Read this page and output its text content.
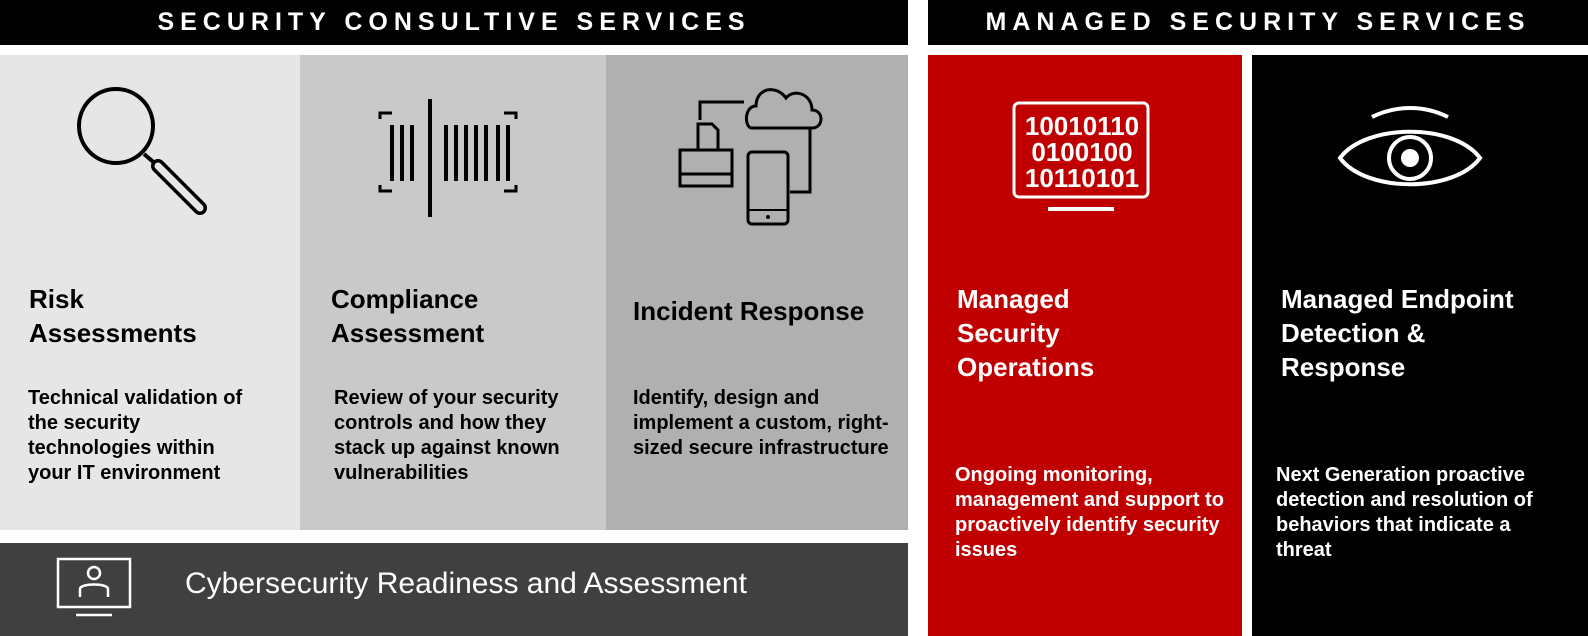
SECURITY CONSULTIVE SERVICES	MANAGED SECURITY SERVICES
Risk Assessments
Technical validation of the security technologies within your IT environment
Compliance Assessment
Review of your security controls and how they stack up against known vulnerabilities
Incident Response
Identify, design and implement a custom, right-sized secure infrastructure
Cybersecurity Readiness and Assessment
10010110
0100100
10110101
Managed Security Operations
Ongoing monitoring, management and support to proactively identify security issues
Managed Endpoint Detection & Response
Next Generation proactive detection and resolution of behaviors that indicate a threat
